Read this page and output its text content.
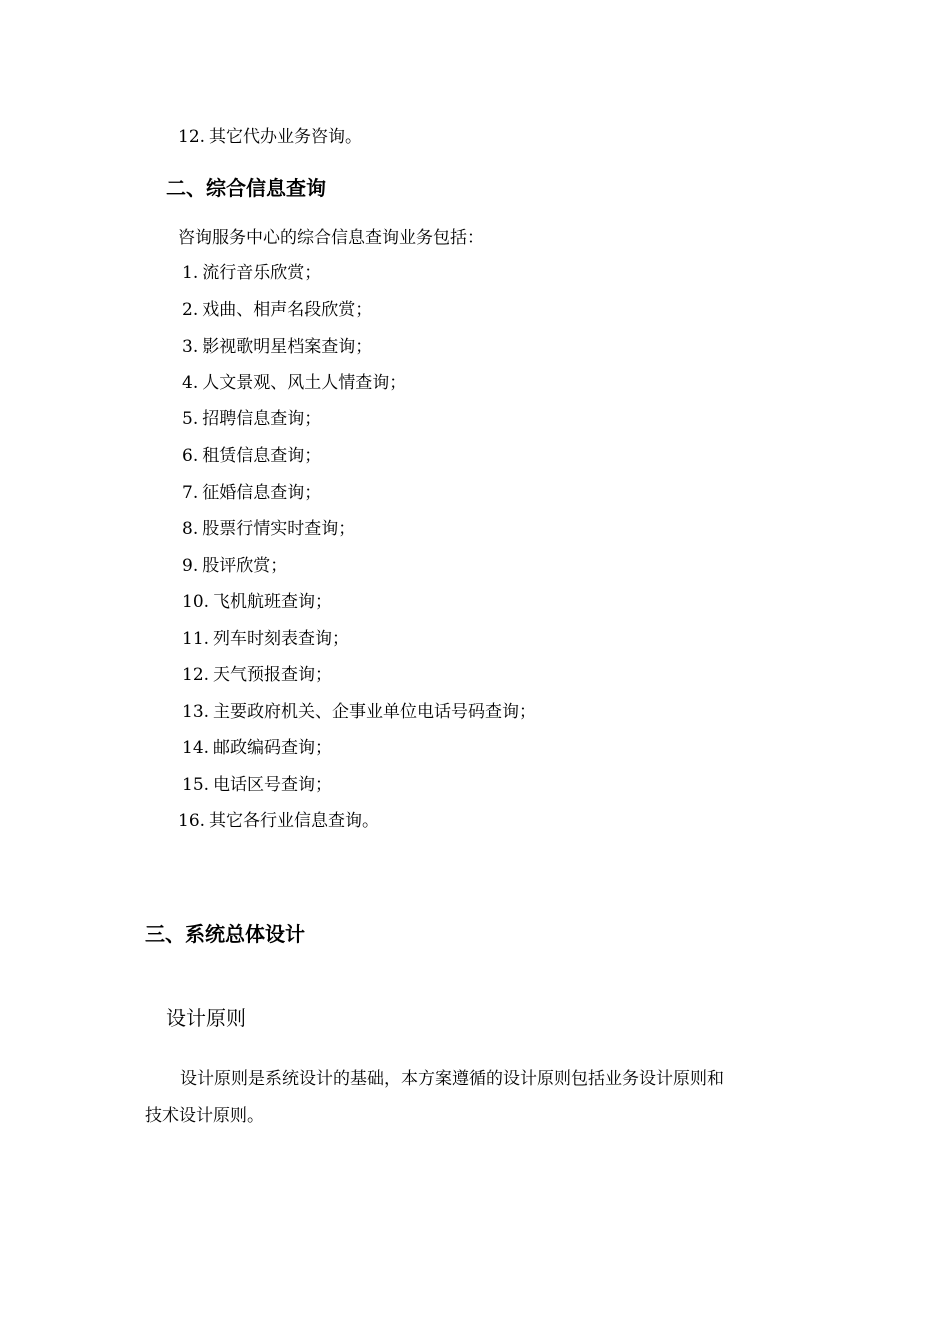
12. 其它代办业务咨询。
二、综合信息查询
咨询服务中心的综合信息查询业务包括：
1. 流行音乐欣赏；
2. 戏曲、相声名段欣赏；
3. 影视歌明星档案查询；
4. 人文景观、风土人情查询；
5. 招聘信息查询；
6. 租赁信息查询；
7. 征婚信息查询；
8. 股票行情实时查询；
9. 股评欣赏；
10. 飞机航班查询；
11. 列车时刻表查询；
12. 天气预报查询；
13. 主要政府机关、企事业单位电话号码查询；
14. 邮政编码查询；
15. 电话区号查询；
16. 其它各行业信息查询。
三、系统总体设计
设计原则
设计原则是系统设计的基础，本方案遵循的设计原则包括业务设计原则和
技术设计原则。
